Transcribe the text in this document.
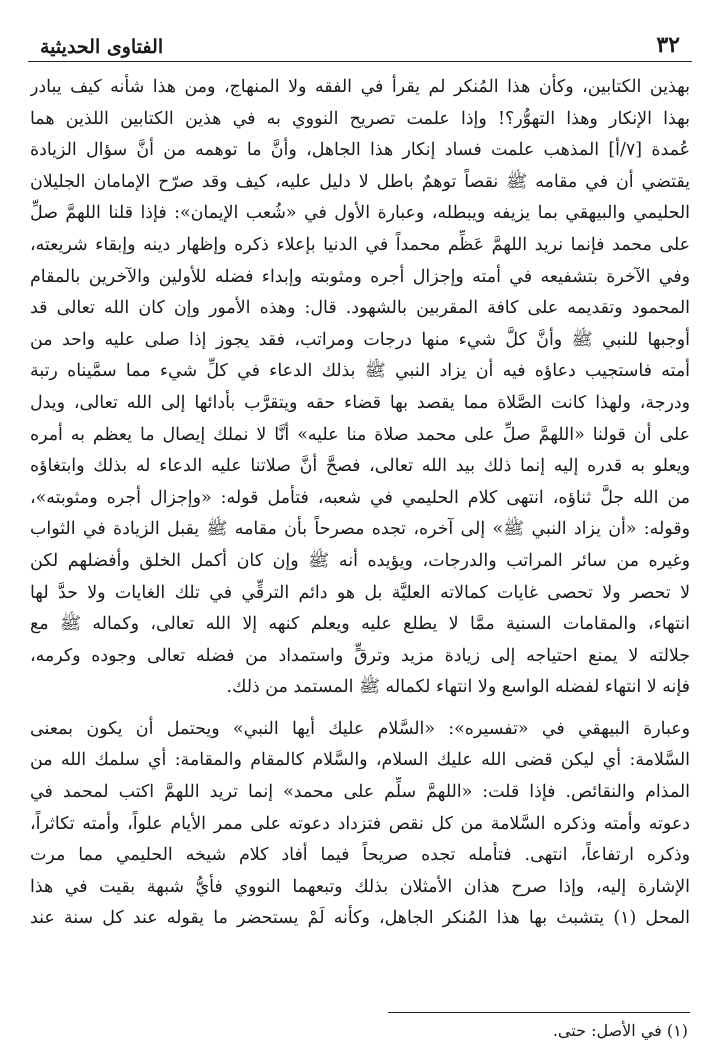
٣٢
الفتاوى الحديثية
بهذين الكتابين، وكأن هذا المُنكر لم يقرأ في الفقه ولا المنهاج، ومن هذا شأنه كيف يبادر
بهذا الإنكار وهذا التهوُّر؟! وإذا علمت تصريح النووي به في هذين الكتابين اللذين هما
عُمدة [٧/أ] المذهب علمت فساد إنكار هذا الجاهل، وأنَّ ما توهمه من أنَّ سؤال الزيادة
يقتضي أن في مقامه ﷺ نقصاً توهمٌ باطل لا دليل عليه، كيف وقد صرّح الإمامان الجليلان
الحليمي والبيهقي بما يزيفه ويبطله، وعبارة الأول في «شُعب الإيمان»: فإذا قلنا اللهمَّ صلِّ
على محمد فإنما نريد اللهمَّ عَظِّم محمداً في الدنيا بإعلاء ذكره وإظهار دينه وإبقاء شريعته،
وفي الآخرة بتشفيعه في أمته وإجزال أجره ومثوبته وإبداء فضله للأولين والآخرين بالمقام
المحمود وتقديمه على كافة المقربين بالشهود. قال: وهذه الأمور وإن كان الله تعالى قد
أوجبها للنبي ﷺ وأنَّ كلَّ شيء منها درجات ومراتب، فقد يجوز إذا صلى عليه واحد من
أمته فاستجيب دعاؤه فيه أن يزاد النبي ﷺ بذلك الدعاء في كلِّ شيء مما سمَّيناه رتبة
ودرجة، ولهذا كانت الصَّلاة مما يقصد بها قضاء حقه ويتقرَّب بأدائها إلى الله تعالى، ويدل
على أن قولنا «اللهمَّ صلِّ على محمد صلاة منا عليه» أنَّا لا نملك إيصال ما يعظم به أمره
ويعلو به قدره إليه إنما ذلك بيد الله تعالى، فصحَّ أنَّ صلاتنا عليه الدعاء له بذلك وابتغاؤه
من الله جلَّ ثناؤه، انتهى كلام الحليمي في شعبه، فتأمل قوله: «وإجزال أجره ومثوبته»،
وقوله: «أن يزاد النبي ﷺ» إلى آخره، تجده مصرحاً بأن مقامه ﷺ يقبل الزيادة في الثواب
وغيره من سائر المراتب والدرجات، ويؤيده أنه ﷺ وإن كان أكمل الخلق وأفضلهم لكن
لا تحصر ولا تحصى غايات كمالاته العليَّة بل هو دائم الترقِّي في تلك الغايات ولا حدَّ لها
انتهاء، والمقامات السنية ممَّا لا يطلع عليه ويعلم كنهه إلا الله تعالى، وكماله ﷺ مع
جلالته لا يمنع احتياجه إلى زيادة مزيد وترقٍّ واستمداد من فضله تعالى وجوده وكرمه،
فإنه لا انتهاء لفضله الواسع ولا انتهاء لكماله ﷺ المستمد من ذلك.
وعبارة البيهقي في «تفسيره»: «السَّلام عليك أيها النبي» ويحتمل أن يكون بمعنى
السَّلامة: أي ليكن قضى الله عليك السلام، والسَّلام كالمقام والمقامة: أي سلمك الله من
المذام والنقائص. فإذا قلت: «اللهمَّ سلِّم على محمد» إنما تريد اللهمَّ اكتب لمحمد في
دعوته وأمته وذكره السَّلامة من كل نقص فتزداد دعوته على ممر الأيام علواً، وأمته تكاثراً،
وذكره ارتفاعاً، انتهى. فتأمله تجده صريحاً فيما أفاد كلام شيخه الحليمي مما مرت
الإشارة إليه، وإذا صرح هذان الأمثلان بذلك وتبعهما النووي فأيُّ شبهة بقيت في هذا
المحل (١) يتشبث بها هذا المُنكر الجاهل، وكأنه لَمْ يستحضر ما يقوله عند كل سنة عند
(١) في الأصل: حتى.
